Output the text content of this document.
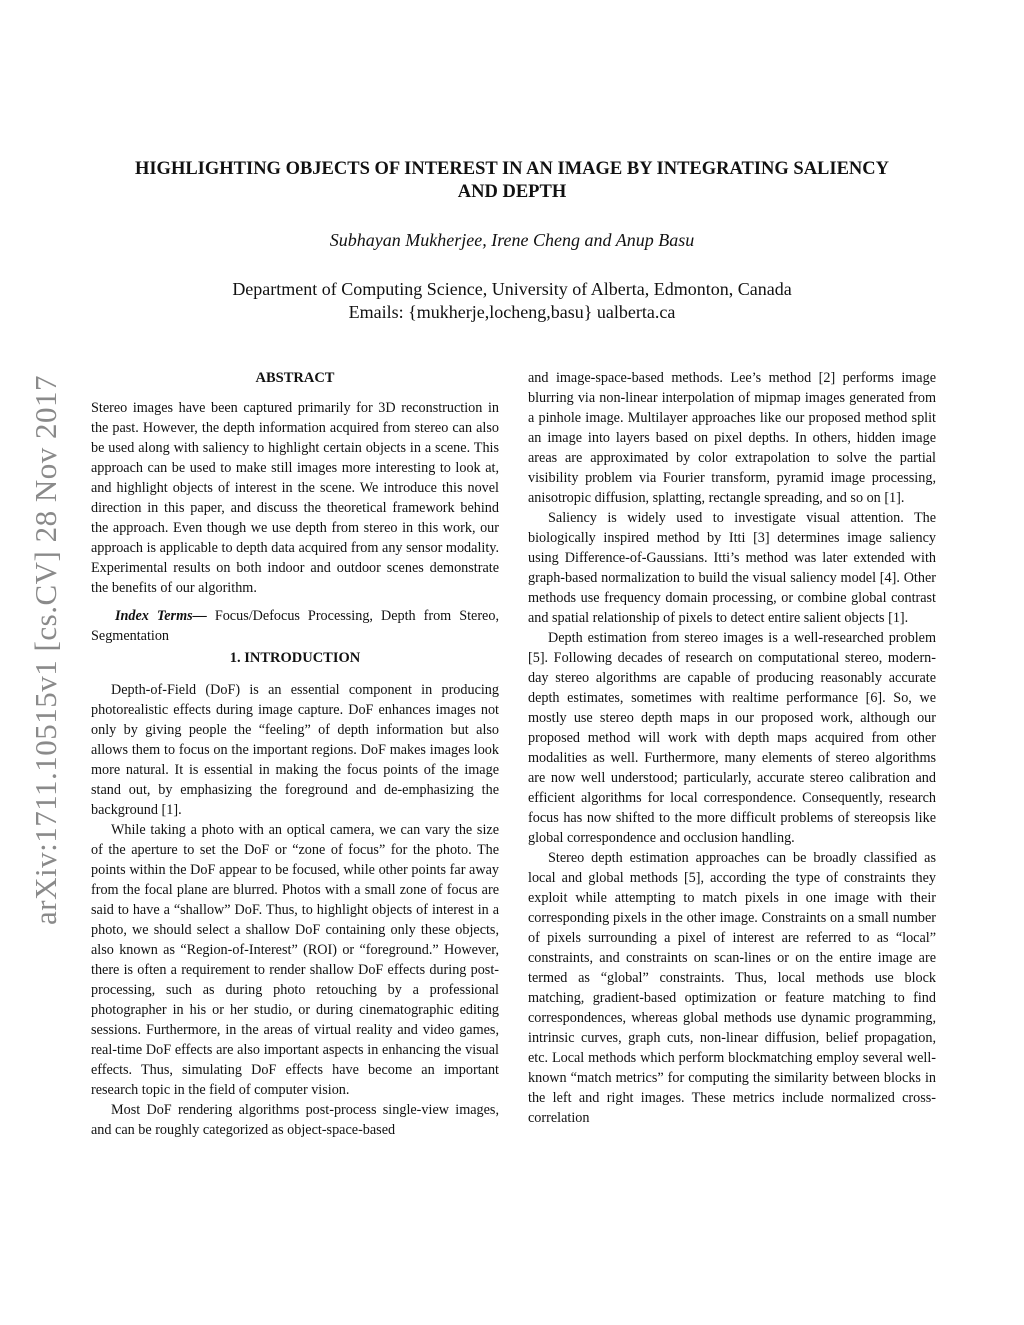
arXiv:1711.10515v1 [cs.CV] 28 Nov 2017
HIGHLIGHTING OBJECTS OF INTEREST IN AN IMAGE BY INTEGRATING SALIENCY
AND DEPTH
Subhayan Mukherjee, Irene Cheng and Anup Basu
Department of Computing Science, University of Alberta, Edmonton, Canada
Emails: {mukherje,locheng,basu} ualberta.ca
ABSTRACT

Stereo images have been captured primarily for 3D reconstruction in the past. However, the depth information acquired from stereo can also be used along with saliency to highlight certain objects in a scene. This approach can be used to make still images more interesting to look at, and highlight objects of interest in the scene. We introduce this novel direction in this paper, and discuss the theoretical framework behind the approach. Even though we use depth from stereo in this work, our approach is applicable to depth data acquired from any sensor modality. Experimental results on both indoor and outdoor scenes demonstrate the benefits of our algorithm.

Index Terms— Focus/Defocus Processing, Depth from Stereo, Segmentation

1. INTRODUCTION

Depth-of-Field (DoF) is an essential component in producing photorealistic effects during image capture. DoF enhances images not only by giving people the “feeling” of depth information but also allows them to focus on the important regions. DoF makes images look more natural. It is essential in making the focus points of the image stand out, by emphasizing the foreground and de-emphasizing the background [1].

While taking a photo with an optical camera, we can vary the size of the aperture to set the DoF or “zone of focus” for the photo. The points within the DoF appear to be focused, while other points far away from the focal plane are blurred. Photos with a small zone of focus are said to have a “shallow” DoF. Thus, to highlight objects of interest in a photo, we should select a shallow DoF containing only these objects, also known as “Region-of-Interest” (ROI) or “foreground.” However, there is often a requirement to render shallow DoF effects during post-processing, such as during photo retouching by a professional photographer in his or her studio, or during cinematographic editing sessions. Furthermore, in the areas of virtual reality and video games, real-time DoF effects are also important aspects in enhancing the visual effects. Thus, simulating DoF effects have become an important research topic in the field of computer vision.

Most DoF rendering algorithms post-process single-view images, and can be roughly categorized as object-space-based

and image-space-based methods. Lee’s method [2] performs image blurring via non-linear interpolation of mipmap images generated from a pinhole image. Multilayer approaches like our proposed method split an image into layers based on pixel depths. In others, hidden image areas are approximated by color extrapolation to solve the partial visibility problem via Fourier transform, pyramid image processing, anisotropic diffusion, splatting, rectangle spreading, and so on [1].

Saliency is widely used to investigate visual attention. The biologically inspired method by Itti [3] determines image saliency using Difference-of-Gaussians. Itti’s method was later extended with graph-based normalization to build the visual saliency model [4]. Other methods use frequency domain processing, or combine global contrast and spatial relationship of pixels to detect entire salient objects [1].

Depth estimation from stereo images is a well-researched problem [5]. Following decades of research on computational stereo, modern-day stereo algorithms are capable of producing reasonably accurate depth estimates, sometimes with realtime performance [6]. So, we mostly use stereo depth maps in our proposed work, although our proposed method will work with depth maps acquired from other modalities as well. Furthermore, many elements of stereo algorithms are now well understood; particularly, accurate stereo calibration and efficient algorithms for local correspondence. Consequently, research focus has now shifted to the more difficult problems of stereopsis like global correspondence and occlusion handling.

Stereo depth estimation approaches can be broadly classified as local and global methods [5], according the type of constraints they exploit while attempting to match pixels in one image with their corresponding pixels in the other image. Constraints on a small number of pixels surrounding a pixel of interest are referred to as “local” constraints, and constraints on scan-lines or on the entire image are termed as “global” constraints. Thus, local methods use block matching, gradient-based optimization or feature matching to find correspondences, whereas global methods use dynamic programming, intrinsic curves, graph cuts, non-linear diffusion, belief propagation, etc. Local methods which perform blockmatching employ several well-known “match metrics” for computing the similarity between blocks in the left and right images. These metrics include normalized cross-correlation
